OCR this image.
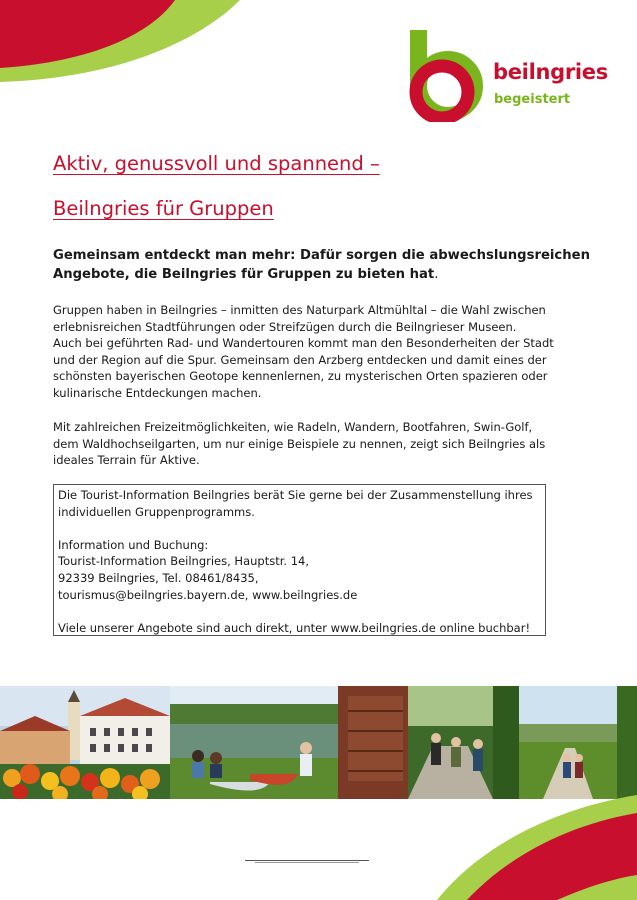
beilngries
begeistert
Aktiv, genussvoll und spannend –
Beilngries für Gruppen

Gemeinsam entdeckt man mehr: Dafür sorgen die abwechslungsreichen
Angebote, die Beilngries für Gruppen zu bieten hat.

Gruppen haben in Beilngries – inmitten des Naturpark Altmühltal – die Wahl zwischen
erlebnisreichen Stadtführungen oder Streifzügen durch die Beilngrieser Museen.
Auch bei geführten Rad- und Wandertouren kommt man den Besonderheiten der Stadt
und der Region auf die Spur. Gemeinsam den Arzberg entdecken und damit eines der
schönsten bayerischen Geotope kennenlernen, zu mysterischen Orten spazieren oder
kulinarische Entdeckungen machen.

Mit zahlreichen Freizeitmöglichkeiten, wie Radeln, Wandern, Bootfahren, Swin-Golf,
dem Waldhochseilgarten, um nur einige Beispiele zu nennen, zeigt sich Beilngries als
ideales Terrain für Aktive.

Die Tourist-Information Beilngries berät Sie gerne bei der Zusammenstellung ihres
individuellen Gruppenprogramms.
Information und Buchung:
Tourist-Information Beilngries, Hauptstr. 14,
92339 Beilngries, Tel. 08461/8435,
tourismus@beilngries.bayern.de, www.beilngries.de
Viele unserer Angebote sind auch direkt, unter www.beilngries.de online buchbar!
